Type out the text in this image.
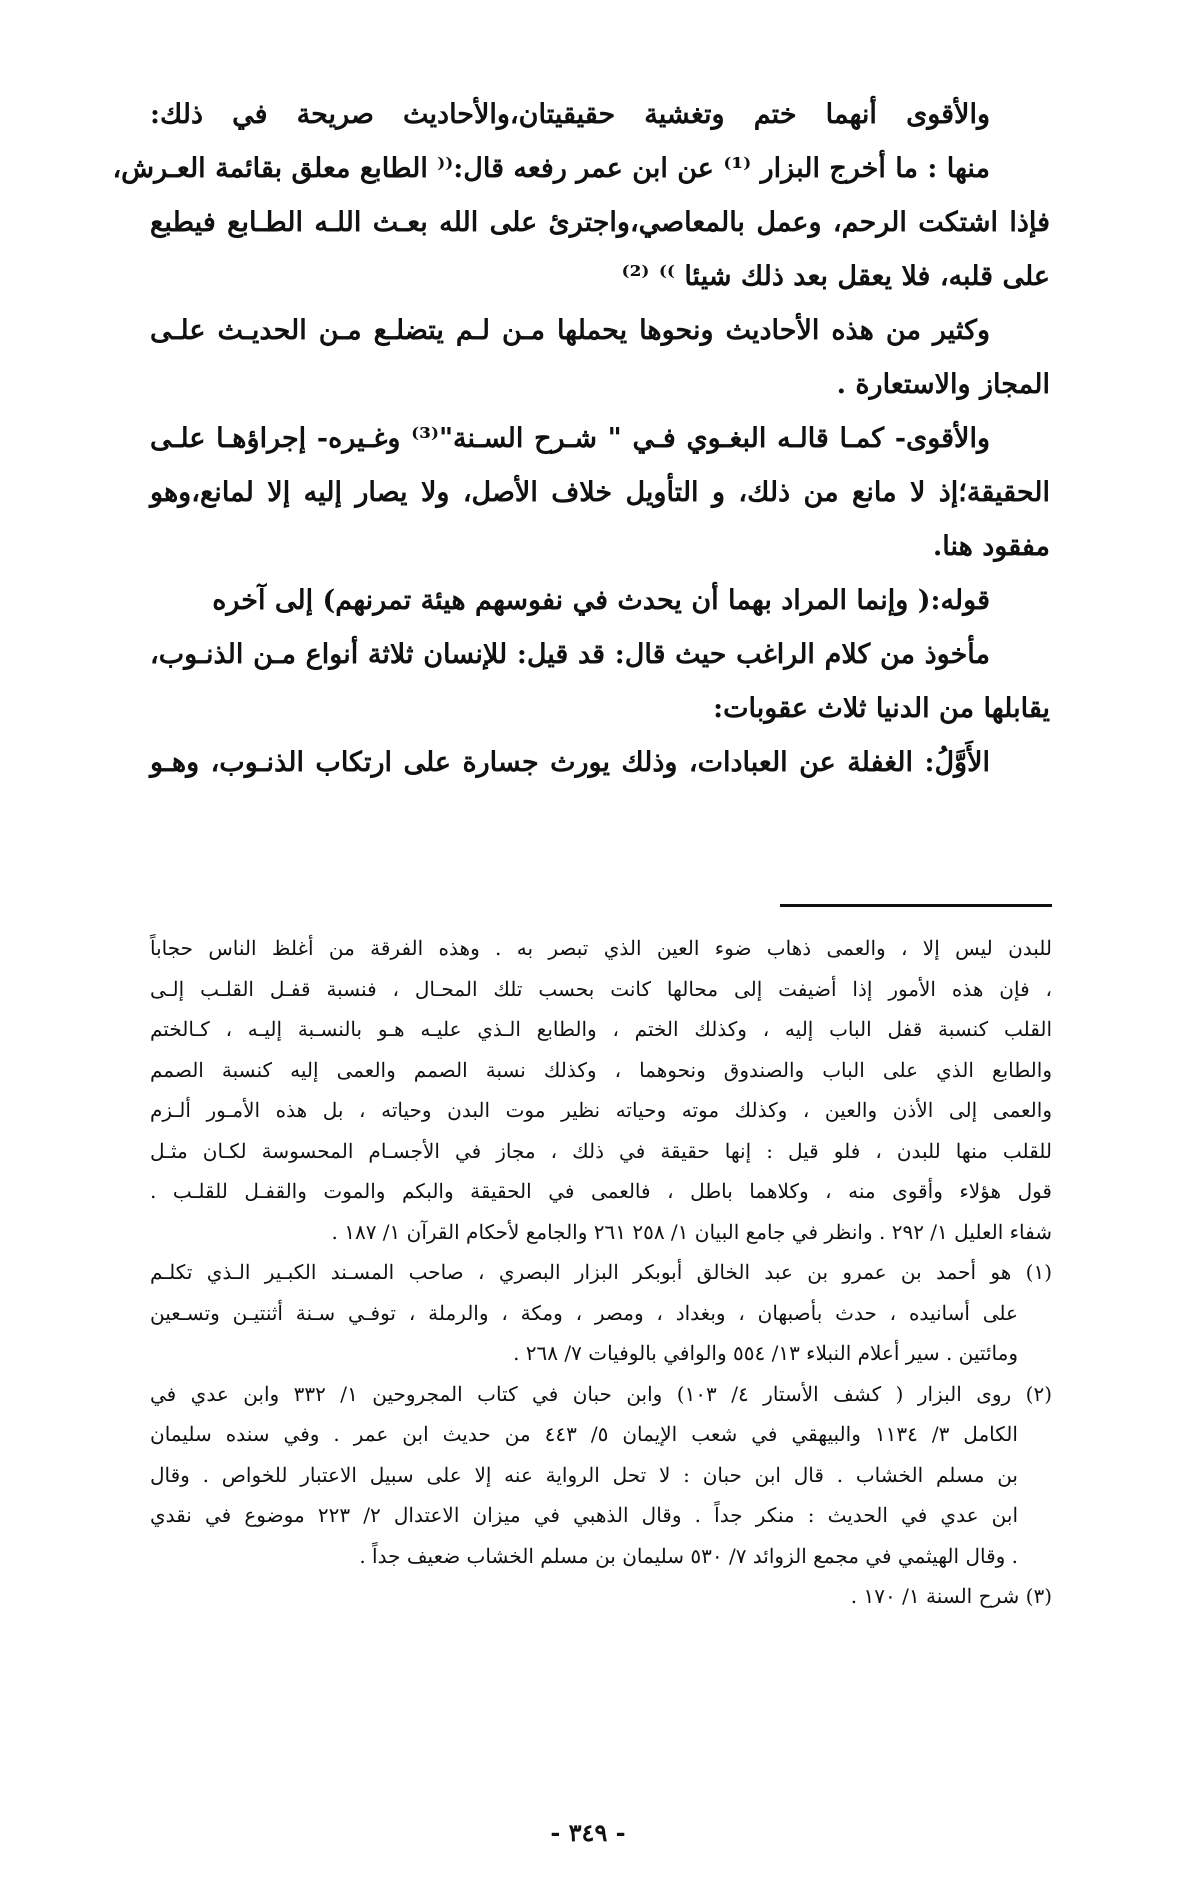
والأقوى أنهما ختم وتغشية حقيقيتان،والأحاديث صريحة في ذلك:
منها : ما أخرج البزار ⁽¹⁾ عن ابن عمر رفعه قال:⁽⁽ الطابع معلق بقائمة العـرش،
فإذا اشتكت الرحم، وعمل بالمعاصي،واجترئ على الله بعـث اللـه الطـابع فيطبع
على قلبه، فلا يعقل بعد ذلك شيئا ⁾⁾ ⁽²⁾
وكثير من هذه الأحاديث ونحوها يحملها مـن لـم يتضلـع مـن الحديـث علـى
المجاز والاستعارة .
والأقوى- كمـا قالـه البغـوي فـي " شـرح السـنة"⁽³⁾ وغـيره- إجراؤهـا علـى
الحقيقة؛إذ لا مانع من ذلك، و التأويل خلاف الأصل، ولا يصار إليه إلا لمانع،وهو
مفقود هنا.
قوله:( وإنما المراد بهما أن يحدث في نفوسهم هيئة تمرنهم) إلى آخره
مأخوذ من كلام الراغب حيث قال: قد قيل: للإنسان ثلاثة أنواع مـن الذنـوب،
يقابلها من الدنيا ثلاث عقوبات:
الأَوَّلُ: الغفلة عن العبادات، وذلك يورث جسارة على ارتكاب الذنـوب، وهـو
للبدن ليس إلا ، والعمى ذهاب ضوء العين الذي تبصر به . وهذه الفرقة من أغلظ الناس حجاباً
، فإن هذه الأمور إذا أضيفت إلى محالها كانت بحسب تلك المحـال ، فنسبة قفـل القلـب إلـى
القلب كنسبة قفل الباب إليه ، وكذلك الختم ، والطابع الـذي عليـه هـو بالنسـبة إليـه ، كـالختم
والطابع الذي على الباب والصندوق ونحوهما ، وكذلك نسبة الصمم والعمى إليه كنسبة الصمم
والعمى إلى الأذن والعين ، وكذلك موته وحياته نظير موت البدن وحياته ، بل هذه الأمـور ألـزم
للقلب منها للبدن ، فلو قيل : إنها حقيقة في ذلك ، مجاز في الأجسـام المحسوسة لكـان مثـل
قول هؤلاء وأقوى منه ، وكلاهما باطل ، فالعمى في الحقيقة والبكم والموت والقفـل للقلـب .
شفاء العليل ١/ ٢٩٢ . وانظر في جامع البيان ١/ ٢٥٨ ٢٦١ والجامع لأحكام القرآن ١/ ١٨٧ .
(١) هو أحمد بن عمرو بن عبد الخالق أبوبكر البزار البصري ، صاحب المسـند الكبـير الـذي تكلـم
على أسانيده ، حدث بأصبهان ، وبغداد ، ومصر ، ومكة ، والرملة ، توفـي سـنة أثنتيـن وتسـعين
ومائتين . سير أعلام النبلاء ١٣/ ٥٥٤ والوافي بالوفيات ٧/ ٢٦٨ .
(٢) روى البزار ( كشف الأستار ٤/ ١٠٣) وابن حبان في كتاب المجروحين ١/ ٣٣٢ وابن عدي في
الكامل ٣/ ١١٣٤ والبيهقي في شعب الإيمان ٥/ ٤٤٣ من حديث ابن عمر . وفي سنده سليمان
بن مسلم الخشاب . قال ابن حبان : لا تحل الرواية عنه إلا على سبيل الاعتبار للخواص . وقال
ابن عدي في الحديث : منكر جداً . وقال الذهبي في ميزان الاعتدال ٢/ ٢٢٣ موضوع في نقدي
. وقال الهيثمي في مجمع الزوائد ٧/ ٥٣٠ سليمان بن مسلم الخشاب ضعيف جداً .
(٣) شرح السنة ١/ ١٧٠ .
- ٣٤٩ -
